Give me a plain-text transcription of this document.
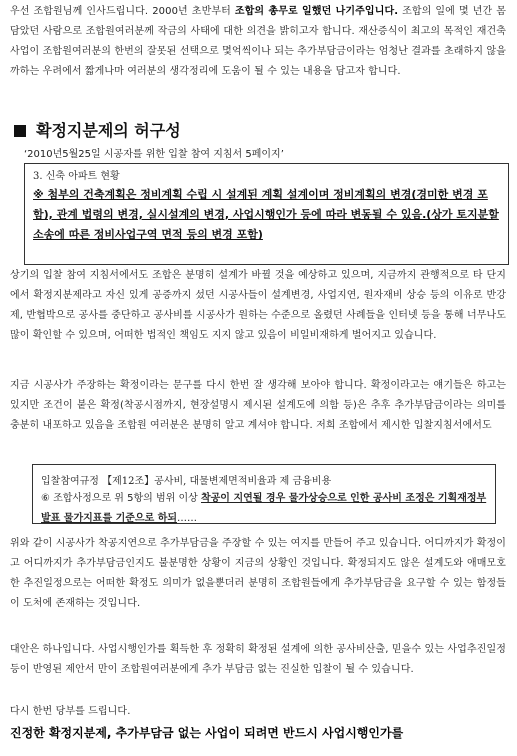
우선 조합원님께 인사드립니다. 2000년 초반부터 조합의 총무로 일했던 나기주입니다. 조합의 일에 몇 년간 몸 담았던 사람으로 조합원여러분께 작금의 사태에 대한 의견을 밝히고자 합니다. 재산증식이 최고의 목적인 재건축사업이 조합원여러분의 한번의 잘못된 선택으로 몇억씩이나 되는 추가부담금이라는 엄청난 결과를 초래하지 않을까하는 우려에서 짧게나마 여러분의 생각정리에 도움이 될 수 있는 내용을 담고자 합니다.

확정지분제의 허구성
‘2010년5월25일 시공자를 위한 입찰 참여 지침서 5페이지’
3. 신축 아파트 현황
※ 첨부의 건축계획은 정비계획 수립 시 설계된 계획 설계이며 정비계획의 변경(경미한 변경 포함), 관계 법령의 변경, 실시설계의 변경, 사업시행인가 등에 따라 변동될 수 있음.(상가 토지분할 소송에 따른 정비사업구역 면적 등의 변경 포함)

상기의 입찰 참여 지침서에서도 조합은 분명히 설계가 바뀔 것을 예상하고 있으며, 지금까지 관행적으로 타 단지에서 확정지분제라고 자신 있게 공증까지 섰던 시공사들이 설계변경, 사업지연, 원자재비 상승 등의 이유로 반강제, 반협박으로 공사를 중단하고 공사비를 시공사가 원하는 수준으로 올렸던 사례들을 인터넷 등을 통해 너무나도 많이 확인할 수 있으며, 어떠한 법적인 책임도 지지 않고 있음이 비일비재하게 벌어지고 있습니다.

지금 시공사가 주장하는 확정이라는 문구를 다시 한번 잘 생각해 보아야 합니다. 확정이라고는 얘기들은 하고는 있지만 조건이 붙은 확정(착공시점까지, 현장설명시 제시된 설계도에 의함 등)은 추후 추가부담금이라는 의미를 충분히 내포하고 있음을 조합원 여러분은 분명히 알고 계셔야 합니다. 저희 조합에서 제시한 입찰지침서에서도

입찰참여규정 【제12조】공사비, 대물변제면적비율과 제 금융비용
⑥ 조합사정으로 위 5항의 범위 이상 착공이 지연될 경우 물가상승으로 인한 공사비 조정은 기획재정부 발표 물가지표를 기준으로 하되……

위와 같이 시공사가 착공지연으로 추가부담금을 주장할 수 있는 여지를 만들어 주고 있습니다. 어디까지가 확정이고 어디까지가 추가부담금인지도 불분명한 상황이 지금의 상황인 것입니다. 확정되지도 않은 설계도와 애매모호한 추진일정으로는 어떠한 확정도 의미가 없을뿐더러 분명히 조합원들에게 추가부담금을 요구할 수 있는 함정들이 도처에 존재하는 것입니다.

대안은 하나입니다. 사업시행인가를 획득한 후 정확히 확정된 설계에 의한 공사비산출, 믿을수 있는 사업추진일정 등이 반영된 제안서 만이 조합원여러분에게 추가 부담금 없는 진실한 입찰이 될 수 있습니다.

다시 한번 당부를 드립니다.

진정한 확정지분제, 추가부담금 없는 사업이 되려면 반드시 사업시행인가를
